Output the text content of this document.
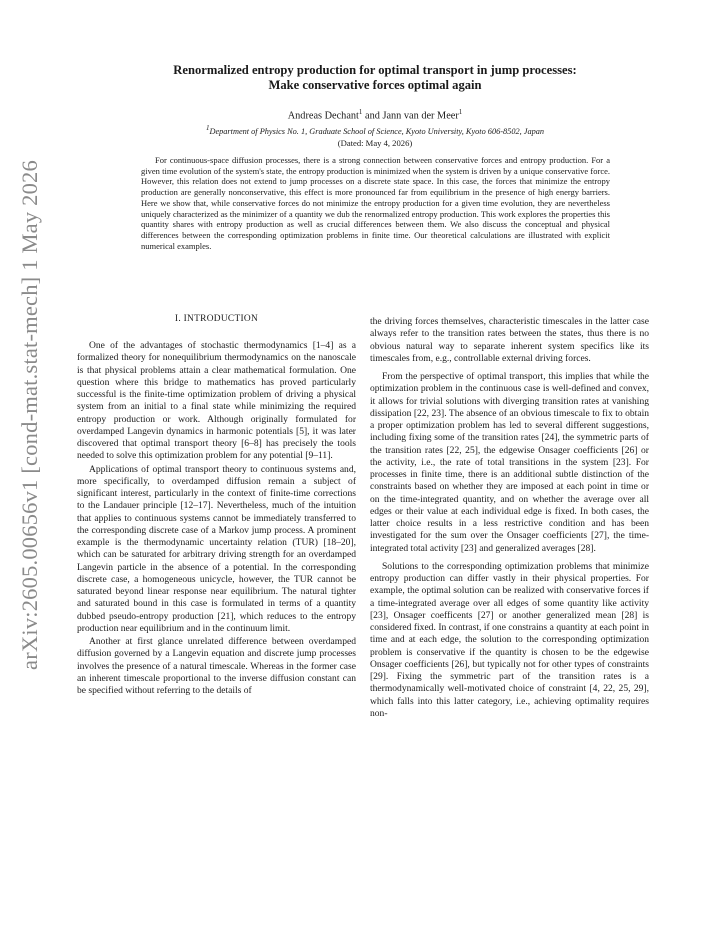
arXiv:2605.00656v1 [cond-mat.stat-mech] 1 May 2026
Renormalized entropy production for optimal transport in jump processes:
Make conservative forces optimal again
Andreas Dechant$^1$ and Jann van der Meer$^1$
$^1$Department of Physics No. 1, Graduate School of Science, Kyoto University, Kyoto 606-8502, Japan
(Dated: May 4, 2026)

For continuous-space diffusion processes, there is a strong connection between conservative forces and entropy production. For a given time evolution of the system's state, the entropy production is minimized when the system is driven by a unique conservative force. However, this relation does not extend to jump processes on a discrete state space. In this case, the forces that minimize the entropy production are generally nonconservative, this effect is more pronounced far from equilibrium in the presence of high energy barriers. Here we show that, while conservative forces do not minimize the entropy production for a given time evolution, they are nevertheless uniquely characterized as the minimizer of a quantity we dub the renormalized entropy production. This work explores the properties this quantity shares with entropy production as well as crucial differences between them. We also discuss the conceptual and physical differences between the corresponding optimization problems in finite time. Our theoretical calculations are illustrated with explicit numerical examples.

I. INTRODUCTION

One of the advantages of stochastic thermodynamics [1–4] as a formalized theory for nonequilibrium thermodynamics on the nanoscale is that physical problems attain a clear mathematical formulation. One question where this bridge to mathematics has proved particularly successful is the finite-time optimization problem of driving a physical system from an initial to a final state while minimizing the required entropy production or work. Although originally formulated for overdamped Langevin dynamics in harmonic potentials [5], it was later discovered that optimal transport theory [6–8] has precisely the tools needed to solve this optimization problem for any potential [9–11].

Applications of optimal transport theory to continuous systems and, more specifically, to overdamped diffusion remain a subject of significant interest, particularly in the context of finite-time corrections to the Landauer principle [12–17]. Nevertheless, much of the intuition that applies to continuous systems cannot be immediately transferred to the corresponding discrete case of a Markov jump process. A prominent example is the thermodynamic uncertainty relation (TUR) [18–20], which can be saturated for arbitrary driving strength for an overdamped Langevin particle in the absence of a potential. In the corresponding discrete case, a homogeneous unicycle, however, the TUR cannot be saturated beyond linear response near equilibrium. The natural tighter and saturated bound in this case is formulated in terms of a quantity dubbed pseudo-entropy production [21], which reduces to the entropy production near equilibrium and in the continuum limit.

Another at first glance unrelated difference between overdamped diffusion governed by a Langevin equation and discrete jump processes involves the presence of a natural timescale. Whereas in the former case an inherent timescale proportional to the inverse diffusion constant can be specified without referring to the details of

the driving forces themselves, characteristic timescales in the latter case always refer to the transition rates between the states, thus there is no obvious natural way to separate inherent system specifics like its timescales from, e.g., controllable external driving forces.

From the perspective of optimal transport, this implies that while the optimization problem in the continuous case is well-defined and convex, it allows for trivial solutions with diverging transition rates at vanishing dissipation [22, 23]. The absence of an obvious timescale to fix to obtain a proper optimization problem has led to several different suggestions, including fixing some of the transition rates [24], the symmetric parts of the transition rates [22, 25], the edgewise Onsager coefficients [26] or the activity, i.e., the rate of total transitions in the system [23]. For processes in finite time, there is an additional subtle distinction of the constraints based on whether they are imposed at each point in time or on the time-integrated quantity, and on whether the average over all edges or their value at each individual edge is fixed. In both cases, the latter choice results in a less restrictive condition and has been investigated for the sum over the Onsager coefficients [27], the time-integrated total activity [23] and generalized averages [28].

Solutions to the corresponding optimization problems that minimize entropy production can differ vastly in their physical properties. For example, the optimal solution can be realized with conservative forces if a time-integrated average over all edges of some quantity like activity [23], Onsager coefficents [27] or another generalized mean [28] is considered fixed. In contrast, if one constrains a quantity at each point in time and at each edge, the solution to the corresponding optimization problem is conservative if the quantity is chosen to be the edgewise Onsager coefficients [26], but typically not for other types of constraints [29]. Fixing the symmetric part of the transition rates is a thermodynamically well-motivated choice of constraint [4, 22, 25, 29], which falls into this latter category, i.e., achieving optimality requires non-
